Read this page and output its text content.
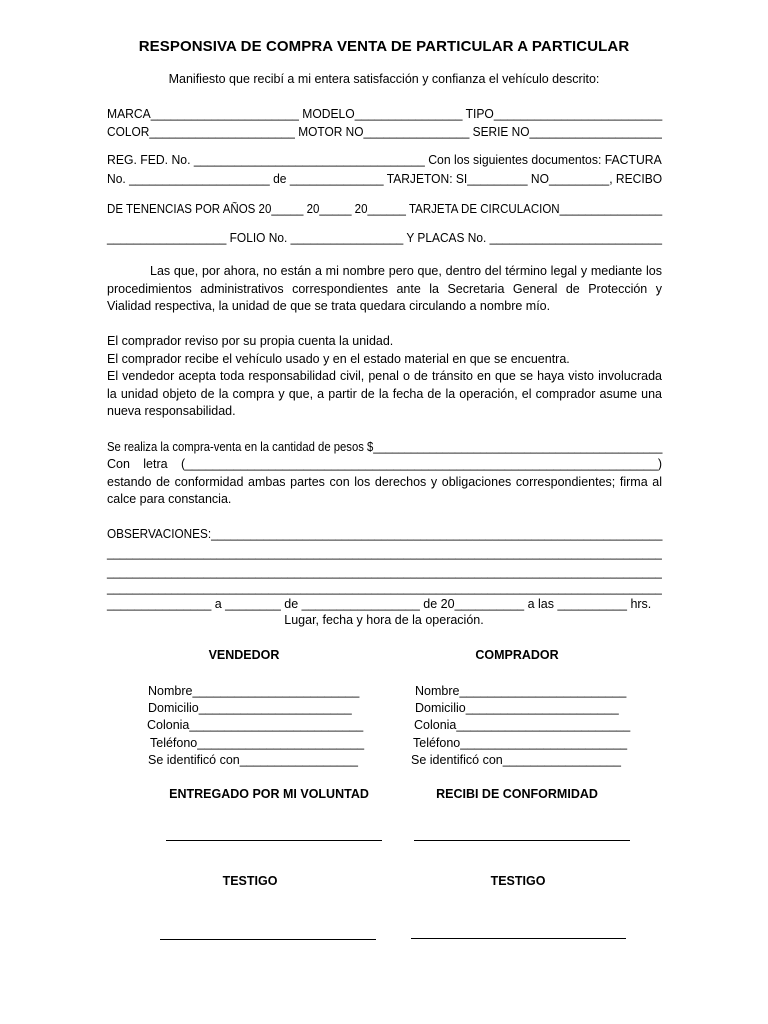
RESPONSIVA DE COMPRA VENTA DE PARTICULAR A PARTICULAR
Manifiesto que recibí a mi entera satisfacción y confianza el vehículo descrito:
MARCA______________________ MODELO________________ TIPO_________________________
COLOR______________________ MOTOR NO________________ SERIE NO____________________
REG. FED. No. __________________________________ Con los siguientes documentos: FACTURA
No. _____________________ de ______________ TARJETON: SI_________ NO_________, RECIBO
DE TENENCIAS POR AÑOS 20_____ 20_____ 20______ TARJETA DE CIRCULACION________________
__________________ FOLIO No. _________________ Y PLACAS No. __________________________
Las que, por ahora, no están a mi nombre pero que, dentro del término legal y mediante los procedimientos administrativos correspondientes ante la Secretaria General de Protección y Vialidad respectiva, la unidad de que se trata quedara circulando a nombre mío.
El comprador reviso por su propia cuenta la unidad.
El comprador recibe el vehículo usado y en el estado material en que se encuentra.
El vendedor acepta toda responsabilidad civil, penal o de tránsito en que se haya visto involucrada la unidad objeto de la compra y que, a partir de la fecha de la operación, el comprador asume una nueva responsabilidad.
Se realiza la compra-venta en la cantidad de pesos $______________________________________________
Con letra (____________________________________________________________________) estando de conformidad ambas partes con los derechos y obligaciones correspondientes; firma al calce para constancia.
OBSERVACIONES:_____________________________________________________________________
______________________________________________________________________________________
______________________________________________________________________________________
______________________________________________________________________________________
_______________ a ________ de _________________ de 20__________ a las __________ hrs.
Lugar, fecha y hora de la operación.
VENDEDOR	COMPRADOR
Nombre________________________
Domicilio______________________
Colonia_________________________
Teléfono________________________
Se identificó con_________________
Nombre________________________
Domicilio______________________
Colonia_________________________
Teléfono________________________
Se identificó con_________________
ENTREGADO POR MI VOLUNTAD	RECIBI DE CONFORMIDAD
TESTIGO	TESTIGO
